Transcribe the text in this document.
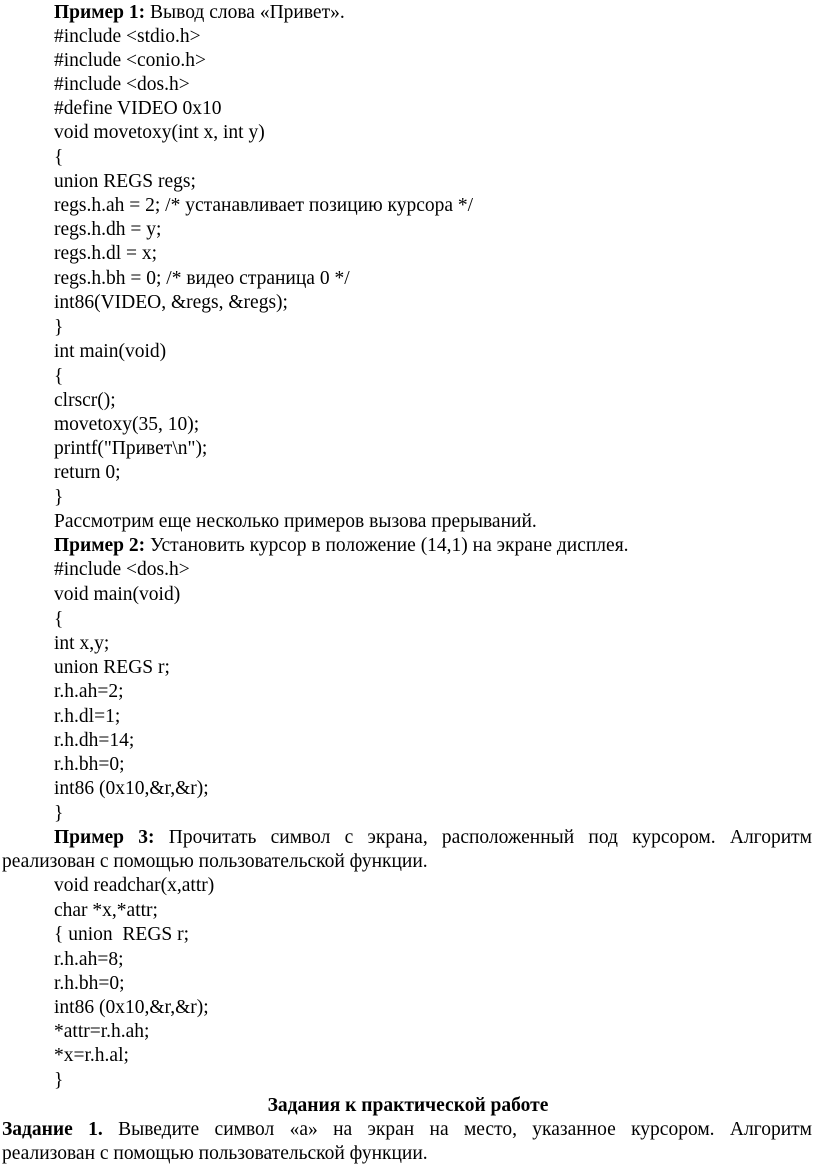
Пример 1: Вывод слова «Привет».
#include <stdio.h>
#include <conio.h>
#include <dos.h>
#define VIDEO 0x10
void movetoxy(int x, int y)
{
union REGS regs;
regs.h.ah = 2; /* устанавливает позицию курсора */
regs.h.dh = y;
regs.h.dl = x;
regs.h.bh = 0; /* видео страница 0 */
int86(VIDEO, &regs, &regs);
}
int main(void)
{
clrscr();
movetoxy(35, 10);
printf("Привет\n");
return 0;
}
Рассмотрим еще несколько примеров вызова прерываний.
Пример 2: Установить курсор в положение (14,1) на экране дисплея.
#include <dos.h>
void main(void)
{
int x,y;
union REGS r;
r.h.ah=2;
r.h.dl=1;
r.h.dh=14;
r.h.bh=0;
int86 (0x10,&r,&r);
}
Пример 3: Прочитать символ с экрана, расположенный под курсором. Алгоритм
реализован с помощью пользовательской функции.
void readchar(x,attr)
char *x,*attr;
{ union  REGS r;
r.h.ah=8;
r.h.bh=0;
int86 (0x10,&r,&r);
*attr=r.h.ah;
*x=r.h.al;
}
Задания к практической работе
Задание 1. Выведите символ «а» на экран на место, указанное курсором. Алгоритм
реализован с помощью пользовательской функции.
